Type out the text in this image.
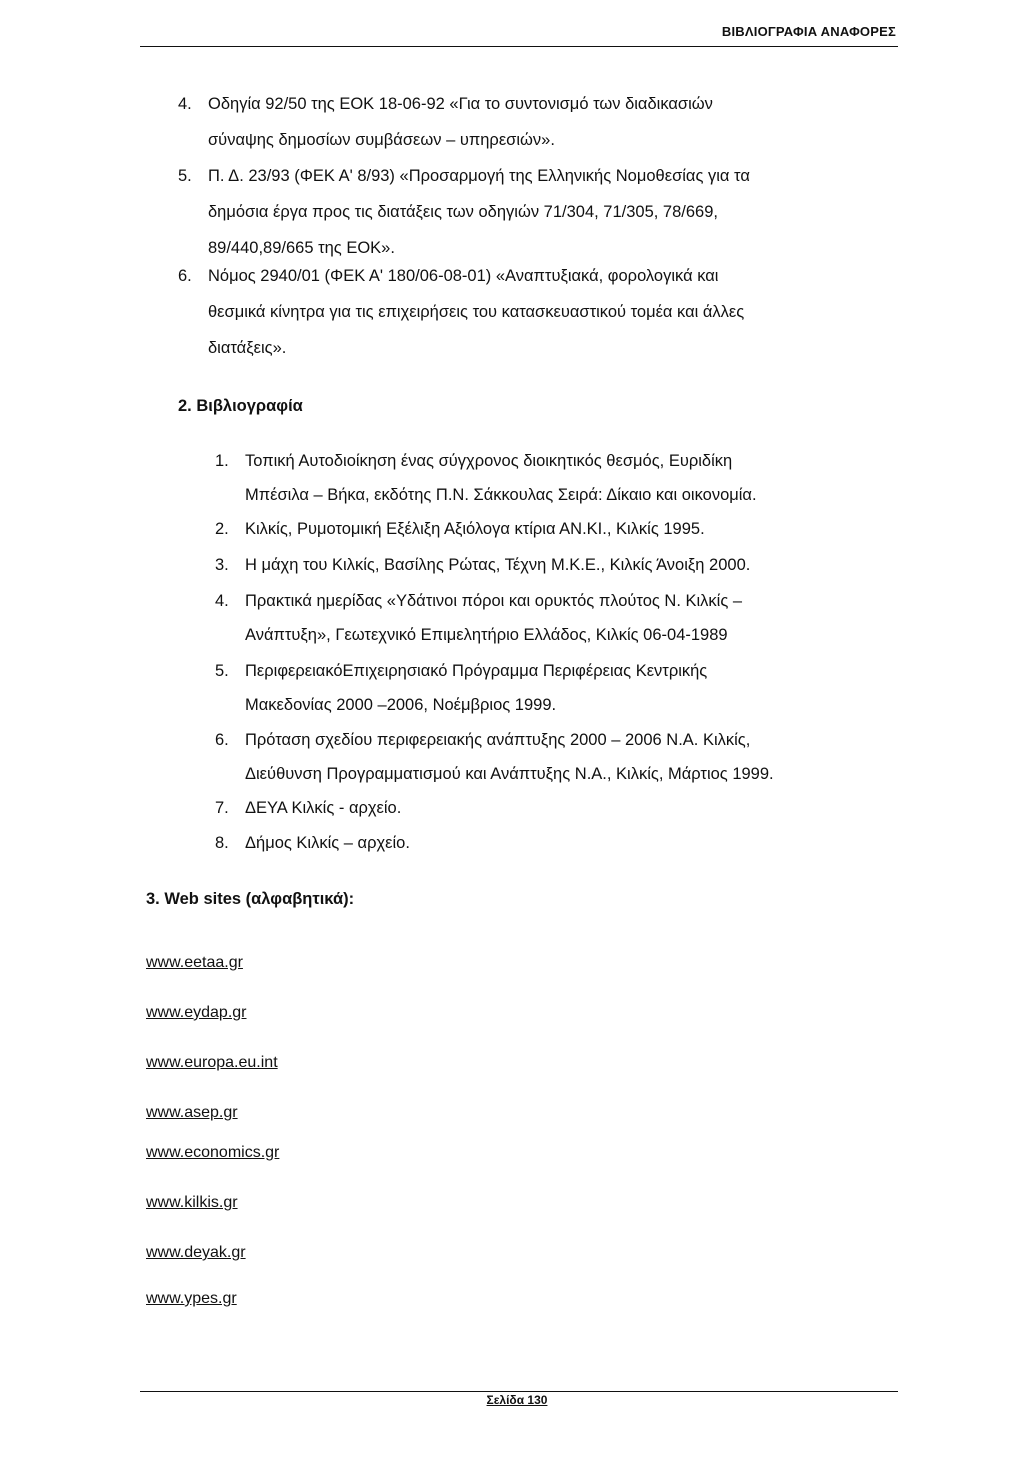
ΒΙΒΛΙΟΓΡΑΦΙΑ ΑΝΑΦΟΡΕΣ
4. Οδηγία 92/50 της ΕΟΚ 18-06-92 «Για το συντονισμό των διαδικασιών
σύναψης δημοσίων συμβάσεων – υπηρεσιών».
5. Π. Δ. 23/93 (ΦΕΚ Α' 8/93) «Προσαρμογή της Ελληνικής Νομοθεσίας για τα
δημόσια έργα προς τις διατάξεις των οδηγιών 71/304, 71/305, 78/669,
89/440,89/665 της ΕΟΚ».
6. Νόμος 2940/01 (ΦΕΚ Α' 180/06-08-01) «Αναπτυξιακά, φορολογικά και
θεσμικά κίνητρα για τις επιχειρήσεις του κατασκευαστικού τομέα και άλλες
διατάξεις».
2. Βιβλιογραφία
1. Τοπική Αυτοδιοίκηση ένας σύγχρονος διοικητικός θεσμός, Ευριδίκη
Μπέσιλα – Βήκα, εκδότης Π.Ν. Σάκκουλας Σειρά: Δίκαιο και οικονομία.
2. Κιλκίς, Ρυμοτομική Εξέλιξη Αξιόλογα κτίρια ΑΝ.ΚΙ., Κιλκίς 1995.
3. Η μάχη του Κιλκίς, Βασίλης Ρώτας, Τέχνη Μ.Κ.Ε., Κιλκίς Άνοιξη 2000.
4. Πρακτικά ημερίδας «Υδάτινοι πόροι και ορυκτός πλούτος Ν. Κιλκίς –
Ανάπτυξη», Γεωτεχνικό Επιμελητήριο Ελλάδος, Κιλκίς 06-04-1989
5. ΠεριφερειακόΕπιχειρησιακό Πρόγραμμα Περιφέρειας Κεντρικής
Μακεδονίας 2000 –2006, Νοέμβριος 1999.
6. Πρόταση σχεδίου περιφερειακής ανάπτυξης 2000 – 2006 Ν.Α. Κιλκίς,
Διεύθυνση Προγραμματισμού και Ανάπτυξης Ν.Α., Κιλκίς, Μάρτιος 1999.
7. ΔΕΥΑ Κιλκίς - αρχείο.
8. Δήμος Κιλκίς – αρχείο.
3. Web sites (αλφαβητικά):
www.eetaa.gr
www.eydap.gr
www.europa.eu.int
www.asep.gr
www.economics.gr
www.kilkis.gr
www.deyak.gr
www.ypes.gr
Σελίδα 130
